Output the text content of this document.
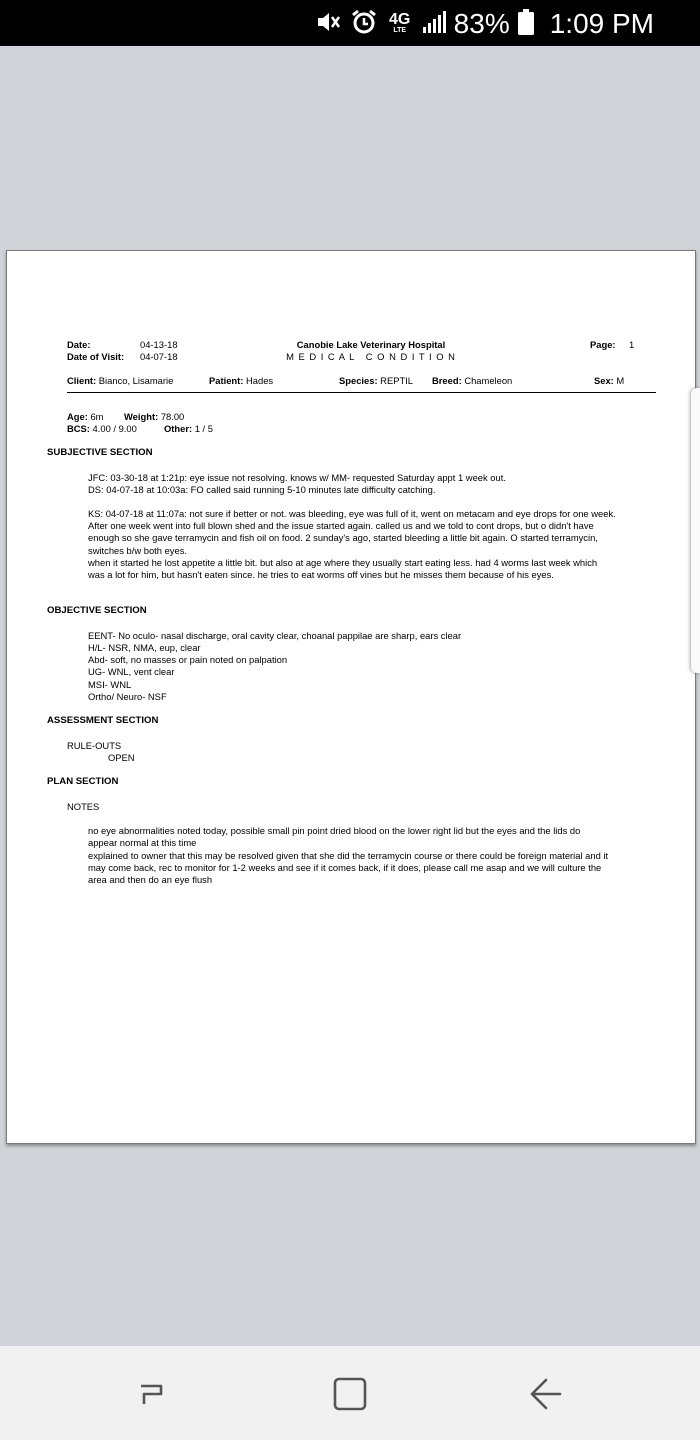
4G
LTE 83% 1:09 PM
Date:	04-13-18
Date of Visit: 04-07-18
Canobie Lake Veterinary Hospital
M E D I C A L   C O N D I T I O N
Page: 1
Client: Bianco, Lisamarie	Patient: Hades	Species: REPTIL Breed: Chameleon	Sex: M
Age: 6m Weight: 78.00
BCS: 4.00 / 9.00	Other: 1 / 5
SUBJECTIVE SECTION
JFC: 03-30-18 at 1:21p: eye issue not resolving. knows w/ MM- requested Saturday appt 1 week out.
DS: 04-07-18 at 10:03a: FO called said running 5-10 minutes late difficulty catching.
KS: 04-07-18 at 11:07a: not sure if better or not. was bleeding, eye was full of it, went on metacam and eye drops for one week. After one week went into full blown shed and the issue started again. called us and we told to cont drops, but o didn't have enough so she gave terramycin and fish oil on food. 2 sunday's ago, started bleeding a little bit again. O started terramycin, switches b/w both eyes.
when it started he lost appetite a little bit. but also at age where they usually start eating less. had 4 worms last week which was a lot for him, but hasn't eaten since. he tries to eat worms off vines but he misses them because of his eyes.
OBJECTIVE SECTION
EENT- No oculo- nasal discharge, oral cavity clear, choanal pappilae are sharp, ears clear
H/L- NSR, NMA, eup, clear
Abd- soft, no masses or pain noted on palpation
UG- WNL, vent clear
MSI- WNL
Ortho/ Neuro- NSF
ASSESSMENT SECTION
RULE-OUTS
OPEN
PLAN SECTION
NOTES
no eye abnormalities noted today, possible small pin point dried blood on the lower right lid but the eyes and the lids do appear normal at this time
explained to owner that this may be resolved given that she did the terramycin course or there could be foreign material and it may come back, rec to monitor for 1-2 weeks and see if it comes back, if it does, please call me asap and we will culture the area and then do an eye flush
